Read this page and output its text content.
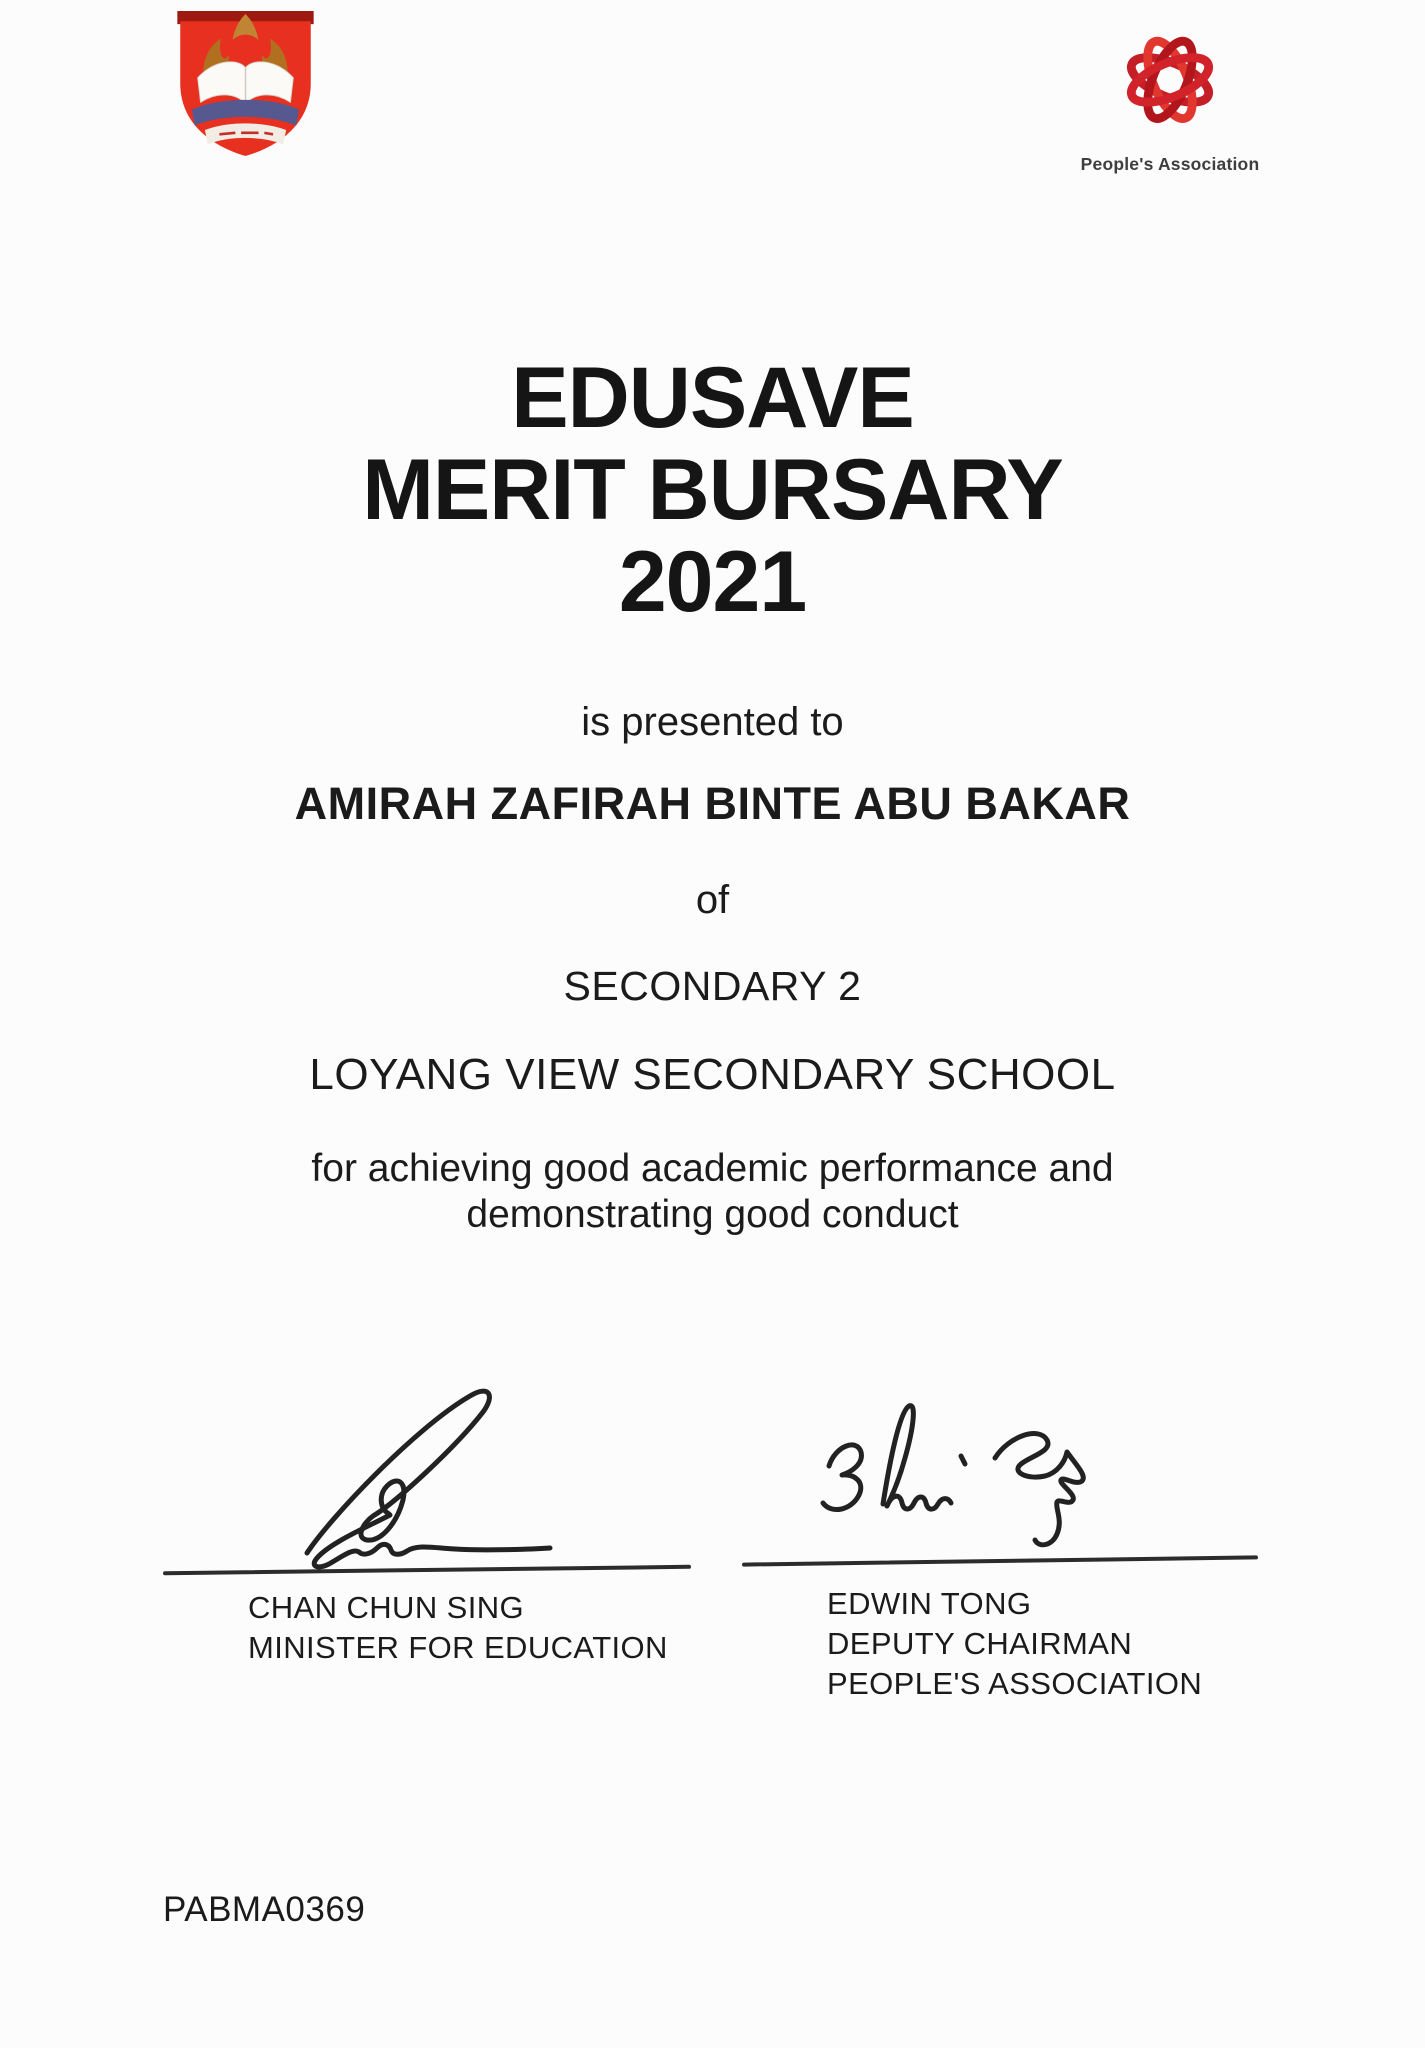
People's Association
EDUSAVE
MERIT BURSARY
2021
is presented to
AMIRAH ZAFIRAH BINTE ABU BAKAR
of
SECONDARY 2
LOYANG VIEW SECONDARY SCHOOL
for achieving good academic performance and
demonstrating good conduct
CHAN CHUN SING
MINISTER FOR EDUCATION
EDWIN TONG
DEPUTY CHAIRMAN
PEOPLE'S ASSOCIATION
PABMA0369
